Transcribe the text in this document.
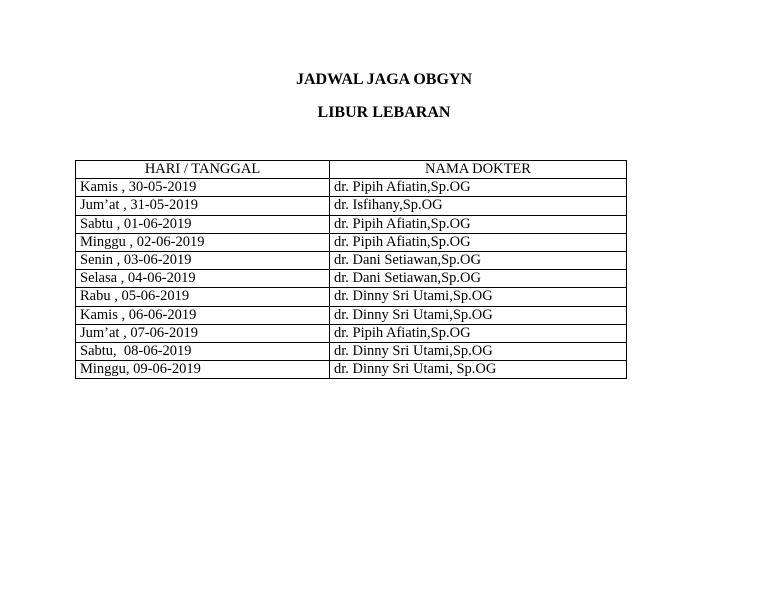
JADWAL JAGA OBGYN
LIBUR LEBARAN
HARI / TANGGAL	NAMA DOKTER
Kamis , 30-05-2019	dr. Pipih Afiatin,Sp.OG
Jum’at , 31-05-2019	dr. Isfihany,Sp.OG
Sabtu , 01-06-2019	dr. Pipih Afiatin,Sp.OG
Minggu , 02-06-2019	dr. Pipih Afiatin,Sp.OG
Senin , 03-06-2019	dr. Dani Setiawan,Sp.OG
Selasa , 04-06-2019	dr. Dani Setiawan,Sp.OG
Rabu , 05-06-2019	dr. Dinny Sri Utami,Sp.OG
Kamis , 06-06-2019	dr. Dinny Sri Utami,Sp.OG
Jum’at , 07-06-2019	dr. Pipih Afiatin,Sp.OG
Sabtu,  08-06-2019	dr. Dinny Sri Utami,Sp.OG
Minggu, 09-06-2019	dr. Dinny Sri Utami, Sp.OG
